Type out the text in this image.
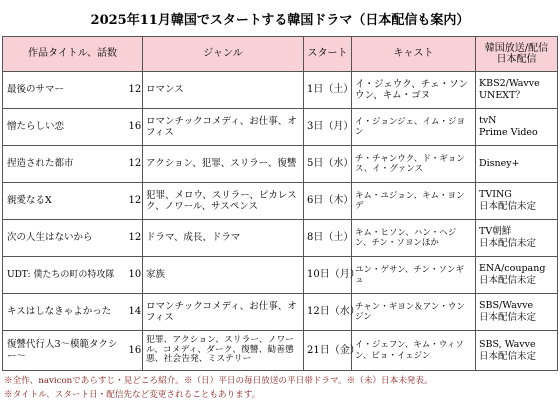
2025年11月韓国でスタートする韓国ドラマ（日本配信も案内）
作品タイトル、話数		ジャンル	スタート	キャスト	韓国放送/配信
日本配信
最後のサマー	12	ロマンス	1日（土）	イ・ジェウク、チェ・ソンウン、キム・ゴヌ	KBS2/Wavve
UNEXT？
憎たらしい恋	16	ロマンチックコメディ、お仕事、オフィス	3日（月）	イ・ジョンジェ、イム・ジヨン	tvN
Prime Video
捏造された都市	12	アクション、犯罪、スリラー、復讐	5日（水）	チ・チャンウク、ド・ギョンス、イ・グァンス	Disney+
親愛なるX	12	犯罪、メロウ、スリラー、ピカレスク、ノワール、サスペンス	6日（木）	キム・ユジョン、キム・ヨンデ	TVING
日本配信未定
次の人生はないから	12	ドラマ、成長、ドラマ	8日（土）	キム・ヒソン、ハン・ヘジン、チン・ソヨンほか	TV朝鮮
日本配信未定
UDT: 僕たちの町の特攻隊	10	家族	10日（月）	ユン・ゲサン、チン・ソンギュ	ENA/coupang
日本配信未定
キスはしなきゃよかった	14	ロマンチックコメディ、お仕事、オフィス	12日（水）	チャン・ギヨン＆アン・ウンジン	SBS/Wavve
日本配信未定
復讐代行人3～模範タクシー～	16	犯罪、アクション、スリラー、ノワール、コメディ、ダーク、復讐、勧善懲悪、社会告発、ミステリー	21日（金）	イ・ジェフン、キム・ウィソン、ピョ・イェジン	SBS, Wavve
日本配信未定
※全作、naviconであらすじ・見どころ紹介。※（日）平日の毎日放送の平日帯ドラマ。※（未）日本未発表。
※タイトル、スタート日・配信先など変更されることもあります。
